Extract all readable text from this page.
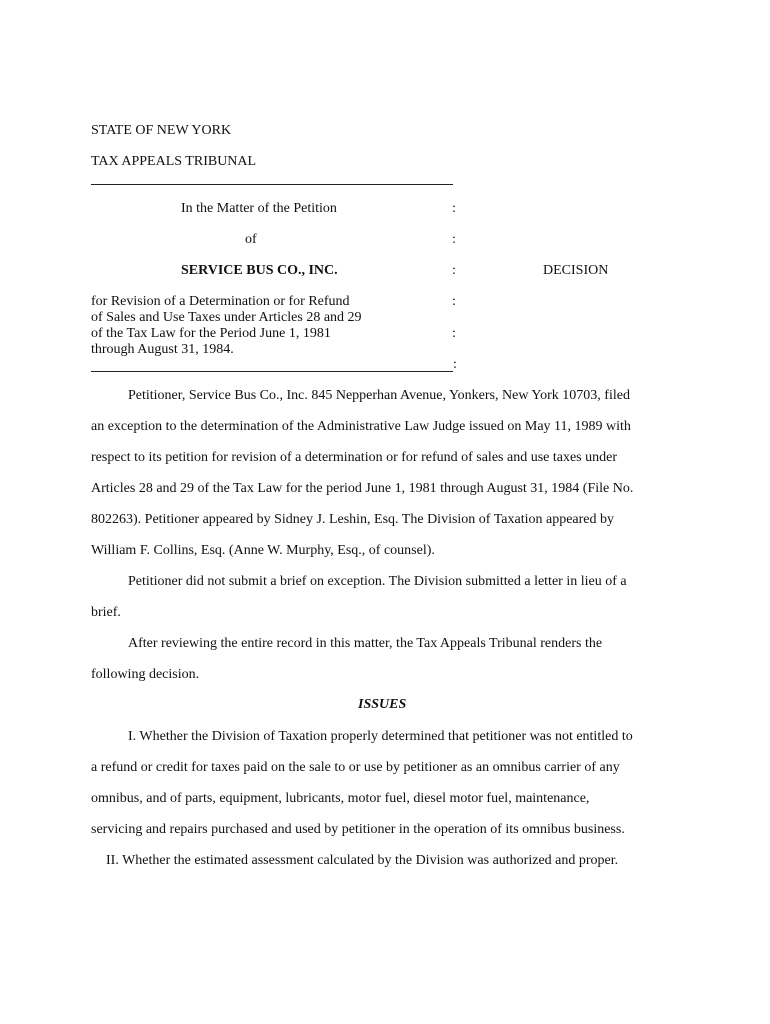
STATE OF NEW YORK
TAX APPEALS TRIBUNAL
In the Matter of the Petition	:
of	:
SERVICE BUS CO., INC.	:	DECISION
for Revision of a Determination or for Refund	:
of Sales and Use Taxes under Articles 28 and 29
of the Tax Law for the Period June 1, 1981	:
through August 31, 1984.
:
Petitioner, Service Bus Co., Inc. 845 Nepperhan Avenue, Yonkers, New York 10703, filed
an exception to the determination of the Administrative Law Judge issued on May 11, 1989 with
respect to its petition for revision of a determination or for refund of sales and use taxes under
Articles 28 and 29 of the Tax Law for the period June 1, 1981 through August 31, 1984 (File No.
802263). Petitioner appeared by Sidney J. Leshin, Esq. The Division of Taxation appeared by
William F. Collins, Esq. (Anne W. Murphy, Esq., of counsel).
Petitioner did not submit a brief on exception. The Division submitted a letter in lieu of a
brief.
After reviewing the entire record in this matter, the Tax Appeals Tribunal renders the
following decision.
ISSUES
I. Whether the Division of Taxation properly determined that petitioner was not entitled to
a refund or credit for taxes paid on the sale to or use by petitioner as an omnibus carrier of any
omnibus, and of parts, equipment, lubricants, motor fuel, diesel motor fuel, maintenance,
servicing and repairs purchased and used by petitioner in the operation of its omnibus business.
II. Whether the estimated assessment calculated by the Division was authorized and proper.
